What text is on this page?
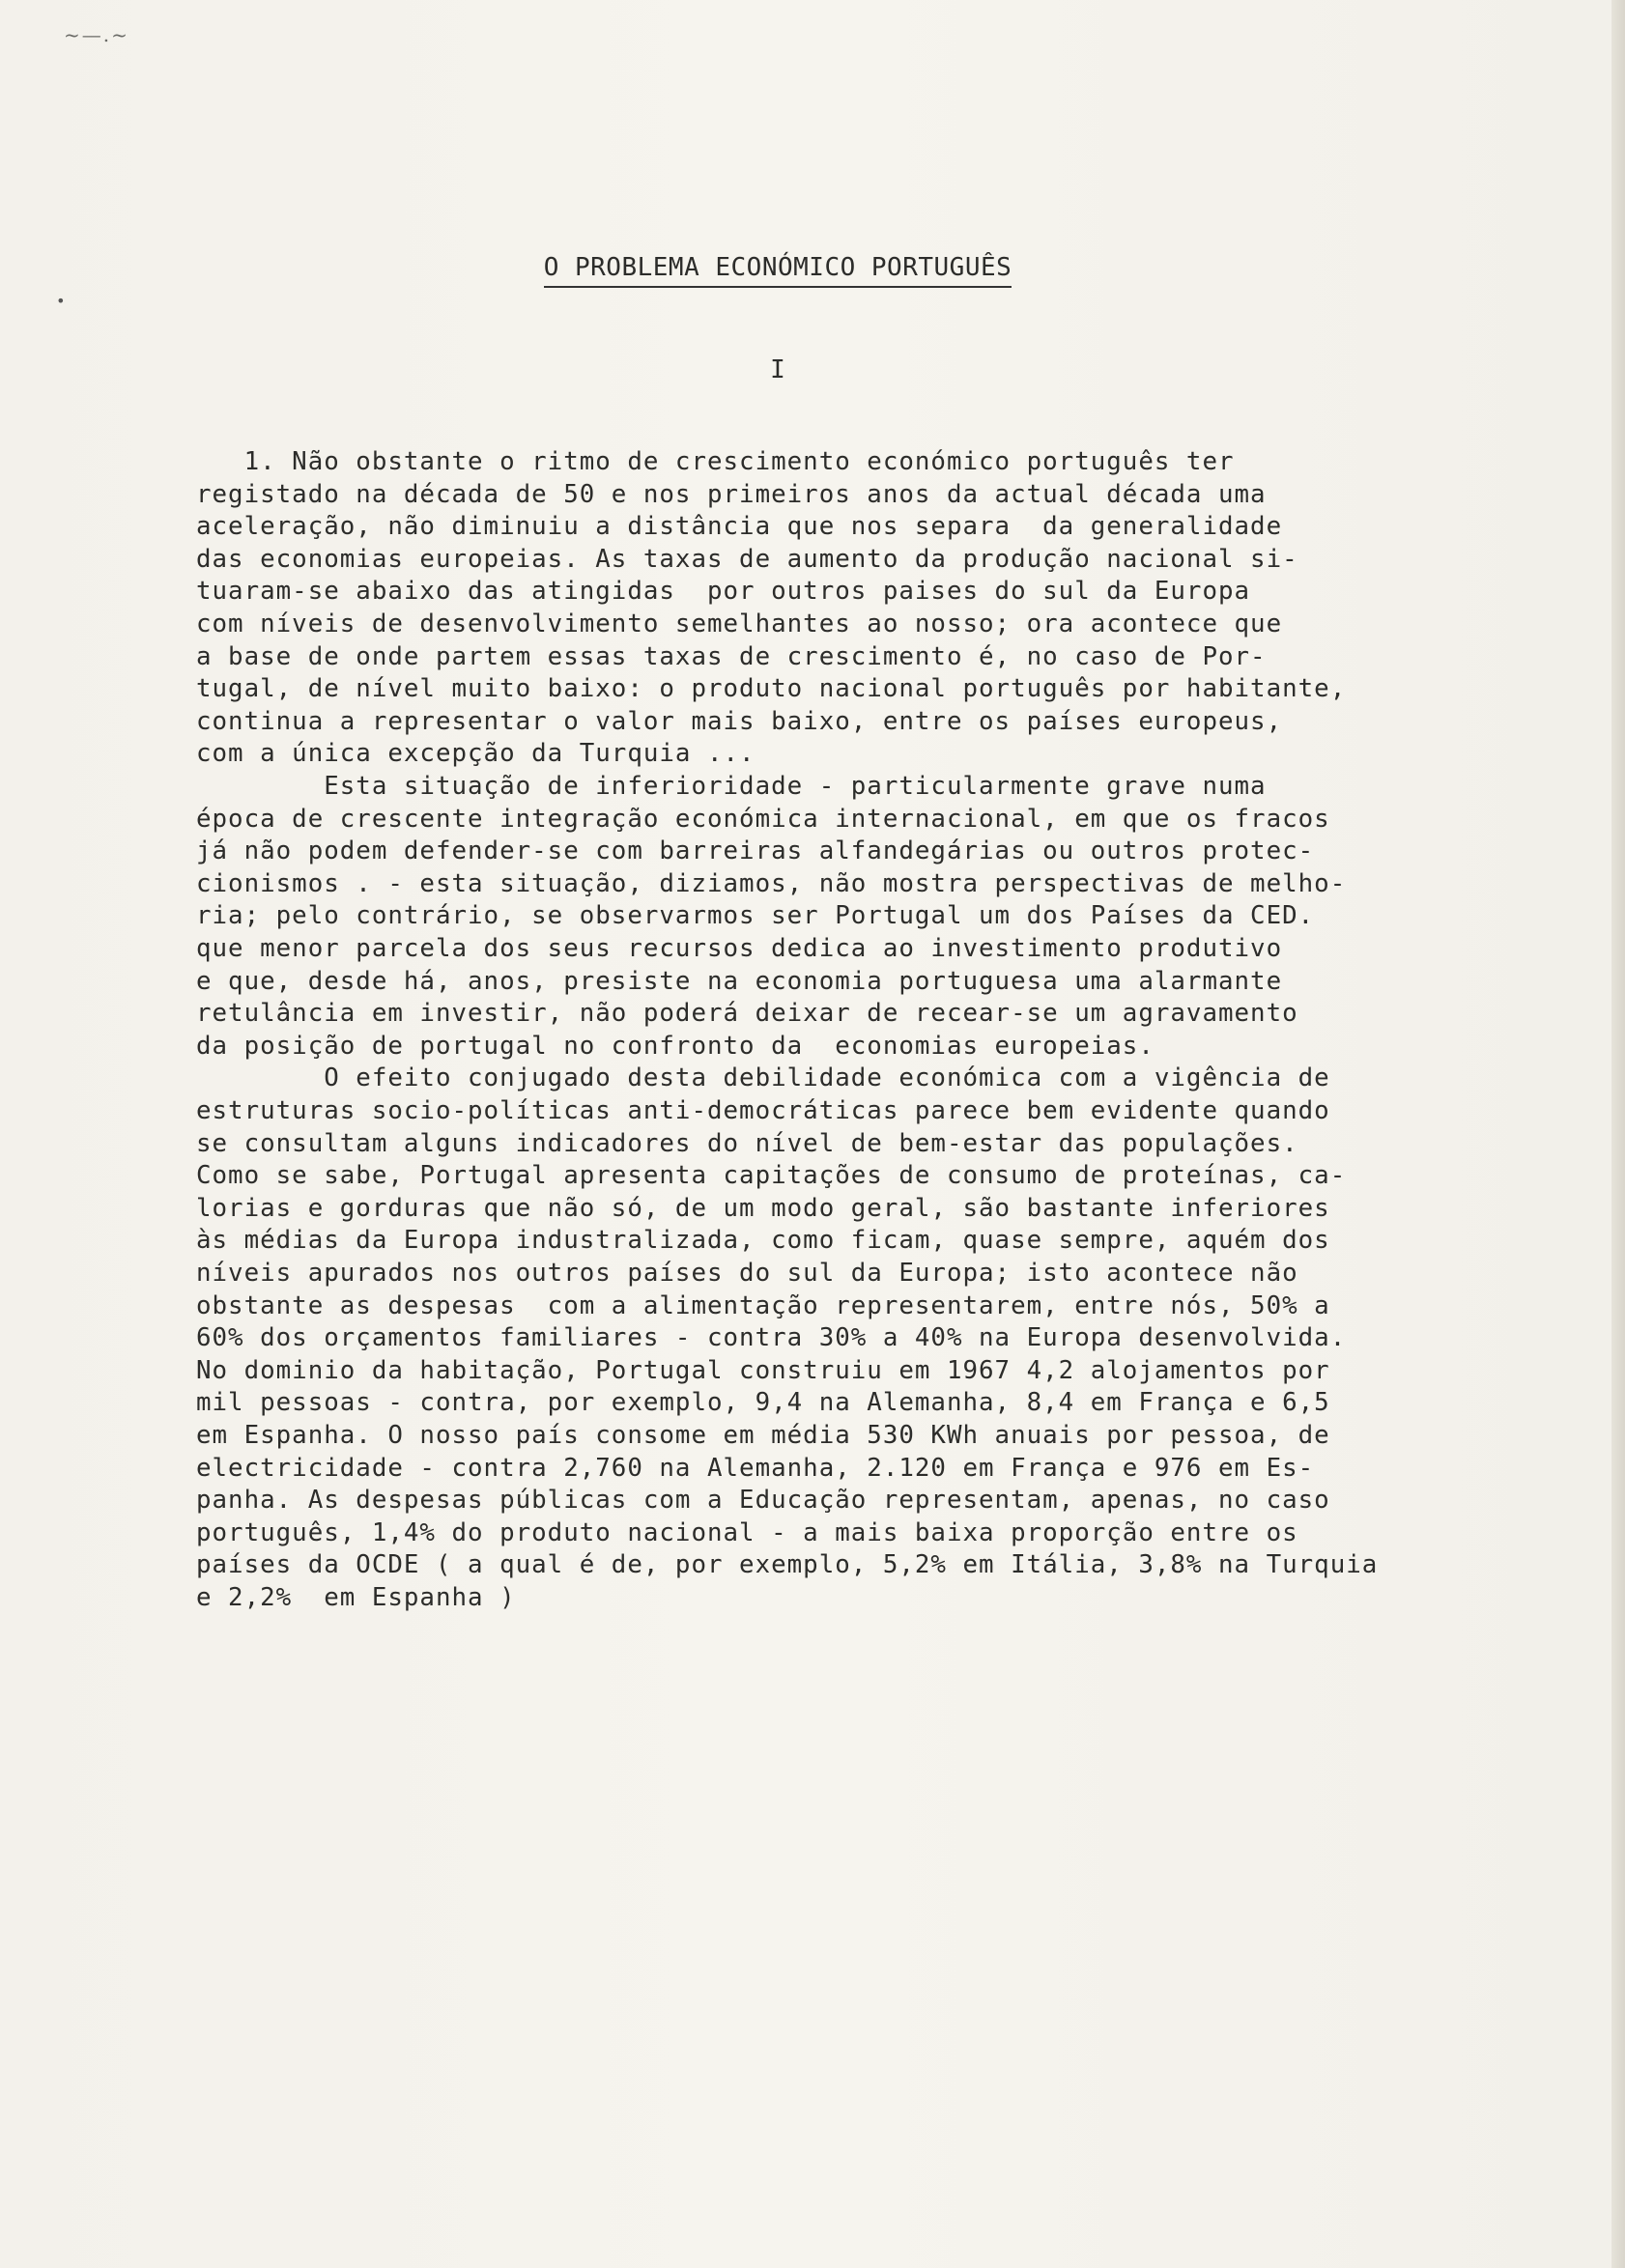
~—.~
•
O PROBLEMA ECONÓMICO PORTUGUÊS
I
1. Não obstante o ritmo de crescimento económico português ter
registado na década de 50 e nos primeiros anos da actual década uma
aceleração, não diminuiu a distância que nos separa  da generalidade
das economias europeias. As taxas de aumento da produção nacional si-
tuaram-se abaixo das atingidas  por outros paises do sul da Europa
com níveis de desenvolvimento semelhantes ao nosso; ora acontece que
a base de onde partem essas taxas de crescimento é, no caso de Por-
tugal, de nível muito baixo: o produto nacional português por habitante,
continua a representar o valor mais baixo, entre os países europeus,
com a única excepção da Turquia ...
Esta situação de inferioridade - particularmente grave numa
época de crescente integração económica internacional, em que os fracos
já não podem defender-se com barreiras alfandegárias ou outros protec-
cionismos . - esta situação, diziamos, não mostra perspectivas de melho-
ria; pelo contrário, se observarmos ser Portugal um dos Países da CED.
que menor parcela dos seus recursos dedica ao investimento produtivo
e que, desde há, anos, presiste na economia portuguesa uma alarmante
retulância em investir, não poderá deixar de recear-se um agravamento
da posição de portugal no confronto da  economias europeias.
O efeito conjugado desta debilidade económica com a vigência de
estruturas socio-políticas anti-democráticas parece bem evidente quando
se consultam alguns indicadores do nível de bem-estar das populações.
Como se sabe, Portugal apresenta capitações de consumo de proteínas, ca-
lorias e gorduras que não só, de um modo geral, são bastante inferiores
às médias da Europa industralizada, como ficam, quase sempre, aquém dos
níveis apurados nos outros países do sul da Europa; isto acontece não
obstante as despesas  com a alimentação representarem, entre nós, 50% a
60% dos orçamentos familiares - contra 30% a 40% na Europa desenvolvida.
No dominio da habitação, Portugal construiu em 1967 4,2 alojamentos por
mil pessoas - contra, por exemplo, 9,4 na Alemanha, 8,4 em França e 6,5
em Espanha. O nosso país consome em média 530 KWh anuais por pessoa, de
electricidade - contra 2,760 na Alemanha, 2.120 em França e 976 em Es-
panha. As despesas públicas com a Educação representam, apenas, no caso
português, 1,4% do produto nacional - a mais baixa proporção entre os
países da OCDE ( a qual é de, por exemplo, 5,2% em Itália, 3,8% na Turquia
e 2,2%  em Espanha )
